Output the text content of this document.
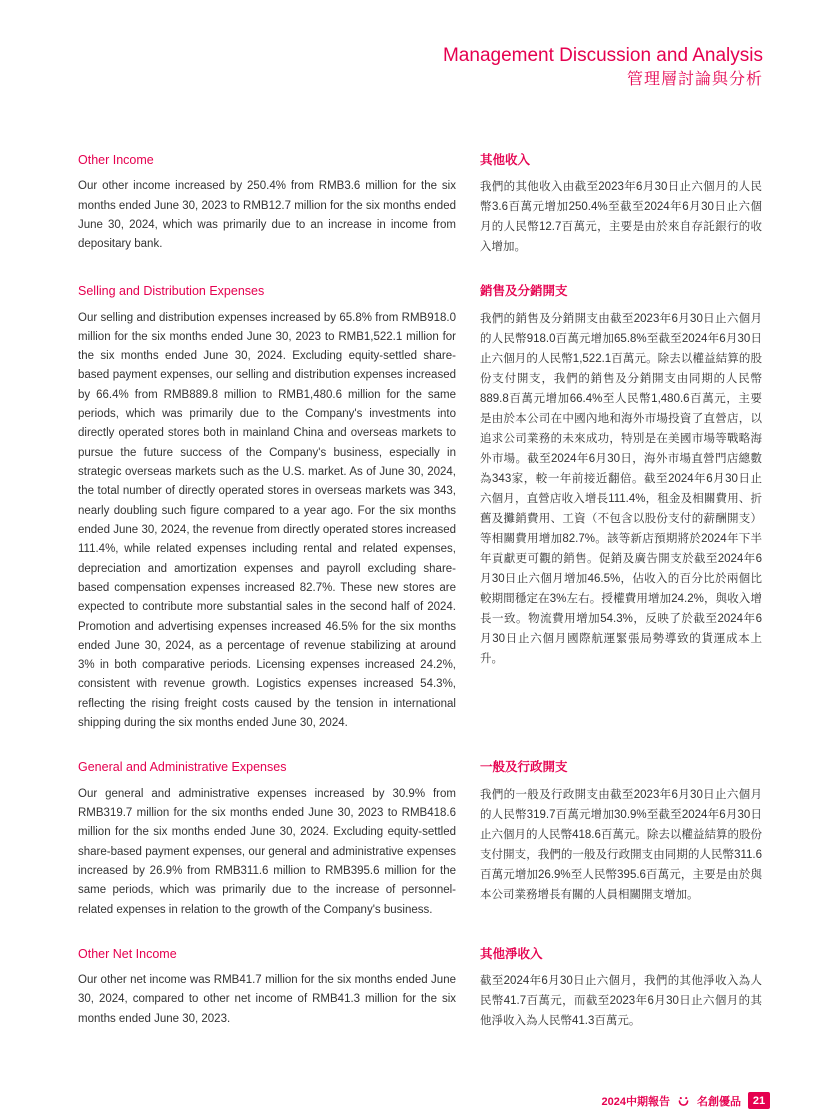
Management Discussion and Analysis
管理層討論與分析
Other Income

Our other income increased by 250.4% from RMB3.6 million for the six months ended June 30, 2023 to RMB12.7 million for the six months ended June 30, 2024, which was primarily due to an increase in income from depositary bank.

其他收入

我們的其他收入由截至2023年6月30日止六個月的人民幣3.6百萬元增加250.4%至截至2024年6月30日止六個月的人民幣12.7百萬元，主要是由於來自存託銀行的收入增加。

Selling and Distribution Expenses

Our selling and distribution expenses increased by 65.8% from RMB918.0 million for the six months ended June 30, 2023 to RMB1,522.1 million for the six months ended June 30, 2024. Excluding equity-settled share-based payment expenses, our selling and distribution expenses increased by 66.4% from RMB889.8 million to RMB1,480.6 million for the same periods, which was primarily due to the Company's investments into directly operated stores both in mainland China and overseas markets to pursue the future success of the Company's business, especially in strategic overseas markets such as the U.S. market. As of June 30, 2024, the total number of directly operated stores in overseas markets was 343, nearly doubling such figure compared to a year ago. For the six months ended June 30, 2024, the revenue from directly operated stores increased 111.4%, while related expenses including rental and related expenses, depreciation and amortization expenses and payroll excluding share-based compensation expenses increased 82.7%. These new stores are expected to contribute more substantial sales in the second half of 2024. Promotion and advertising expenses increased 46.5% for the six months ended June 30, 2024, as a percentage of revenue stabilizing at around 3% in both comparative periods. Licensing expenses increased 24.2%, consistent with revenue growth. Logistics expenses increased 54.3%, reflecting the rising freight costs caused by the tension in international shipping during the six months ended June 30, 2024.

銷售及分銷開支

我們的銷售及分銷開支由截至2023年6月30日止六個月的人民幣918.0百萬元增加65.8%至截至2024年6月30日止六個月的人民幣1,522.1百萬元。除去以權益結算的股份支付開支，我們的銷售及分銷開支由同期的人民幣889.8百萬元增加66.4%至人民幣1,480.6百萬元，主要是由於本公司在中國內地和海外市場投資了直營店，以追求公司業務的未來成功，特別是在美國市場等戰略海外市場。截至2024年6月30日，海外市場直營門店總數為343家，較一年前接近翻倍。截至2024年6月30日止六個月，直營店收入增長111.4%，租金及相關費用、折舊及攤銷費用、工資（不包含以股份支付的薪酬開支）等相關費用增加82.7%。該等新店預期將於2024年下半年貢獻更可觀的銷售。促銷及廣告開支於截至2024年6月30日止六個月增加46.5%，佔收入的百分比於兩個比較期間穩定在3%左右。授權費用增加24.2%，與收入增長一致。物流費用增加54.3%，反映了於截至2024年6月30日止六個月國際航運緊張局勢導致的貨運成本上升。

General and Administrative Expenses

Our general and administrative expenses increased by 30.9% from RMB319.7 million for the six months ended June 30, 2023 to RMB418.6 million for the six months ended June 30, 2024. Excluding equity-settled share-based payment expenses, our general and administrative expenses increased by 26.9% from RMB311.6 million to RMB395.6 million for the same periods, which was primarily due to the increase of personnel-related expenses in relation to the growth of the Company's business.

一般及行政開支

我們的一般及行政開支由截至2023年6月30日止六個月的人民幣319.7百萬元增加30.9%至截至2024年6月30日止六個月的人民幣418.6百萬元。除去以權益結算的股份支付開支，我們的一般及行政開支由同期的人民幣311.6百萬元增加26.9%至人民幣395.6百萬元，主要是由於與本公司業務增長有關的人員相關開支增加。

Other Net Income

Our other net income was RMB41.7 million for the six months ended June 30, 2024, compared to other net income of RMB41.3 million for the six months ended June 30, 2023.

其他淨收入

截至2024年6月30日止六個月，我們的其他淨收入為人民幣41.7百萬元，而截至2023年6月30日止六個月的其他淨收入為人民幣41.3百萬元。

2024中期報告 名創優品	21
